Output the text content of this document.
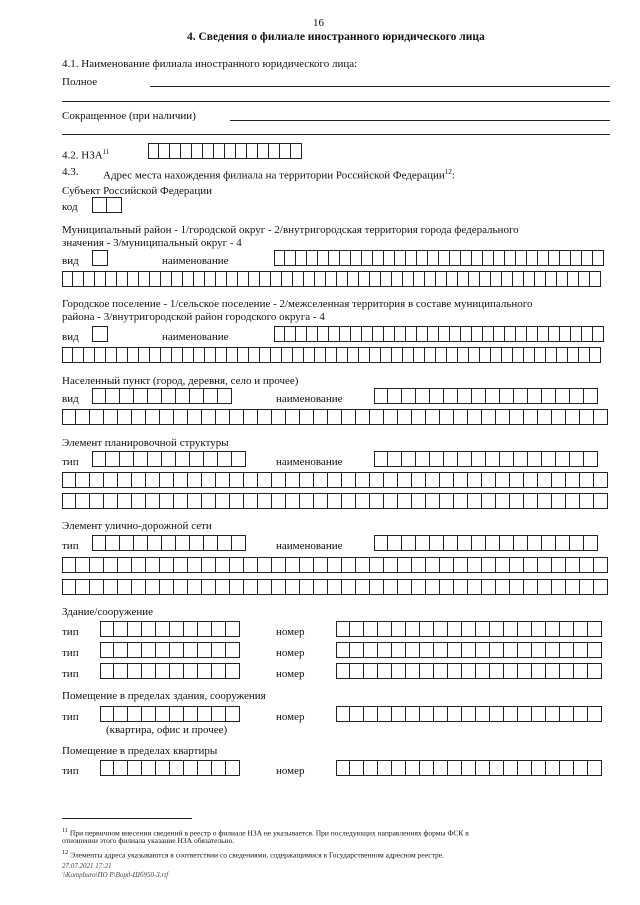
16
4. Сведения о филиале иностранного юридического лица
4.1. Наименование филиала иностранного юридического лица:
Полное
Сокращенное (при наличии)
4.2. НЗА$^{11}$
4.3. Адрес места нахождения филиала на территории Российской Федерации$^{12}$:
Субъект Российской Федерации
код
Муниципальный район - 1/городской округ - 2/внутригородская территория города федерального
значения - 3/муниципальный округ - 4
вид	наименование
Городское поселение - 1/сельское поселение - 2/межселенная территория в составе муниципального
района - 3/внутригородской район городского округа - 4
вид	наименование
Населенный пункт (город, деревня, село и прочее)
вид	наименование
Элемент планировочной структуры
тип	наименование
Элемент улично-дорожной сети
тип	наименование
Здание/сооружение
тип	номер
тип	номер
тип	номер
Помещение в пределах здания, сооружения
тип	номер
(квартира, офис и прочее)
Помещение в пределах квартиры
тип	номер
$^{11}$ При первичном внесении сведений в реестр о филиале НЗА не указывается. При последующих направлениях формы ФСК в
отношении этого филиала указание НЗА обязательно.
$^{12}$ Элементы адреса указываются в соответствии со сведениями, содержащимися в Государственном адресном реестре.
27.07.2021 17:21
\\Kompburo\ПО Р\Ворд-Шб950-3.rtf
